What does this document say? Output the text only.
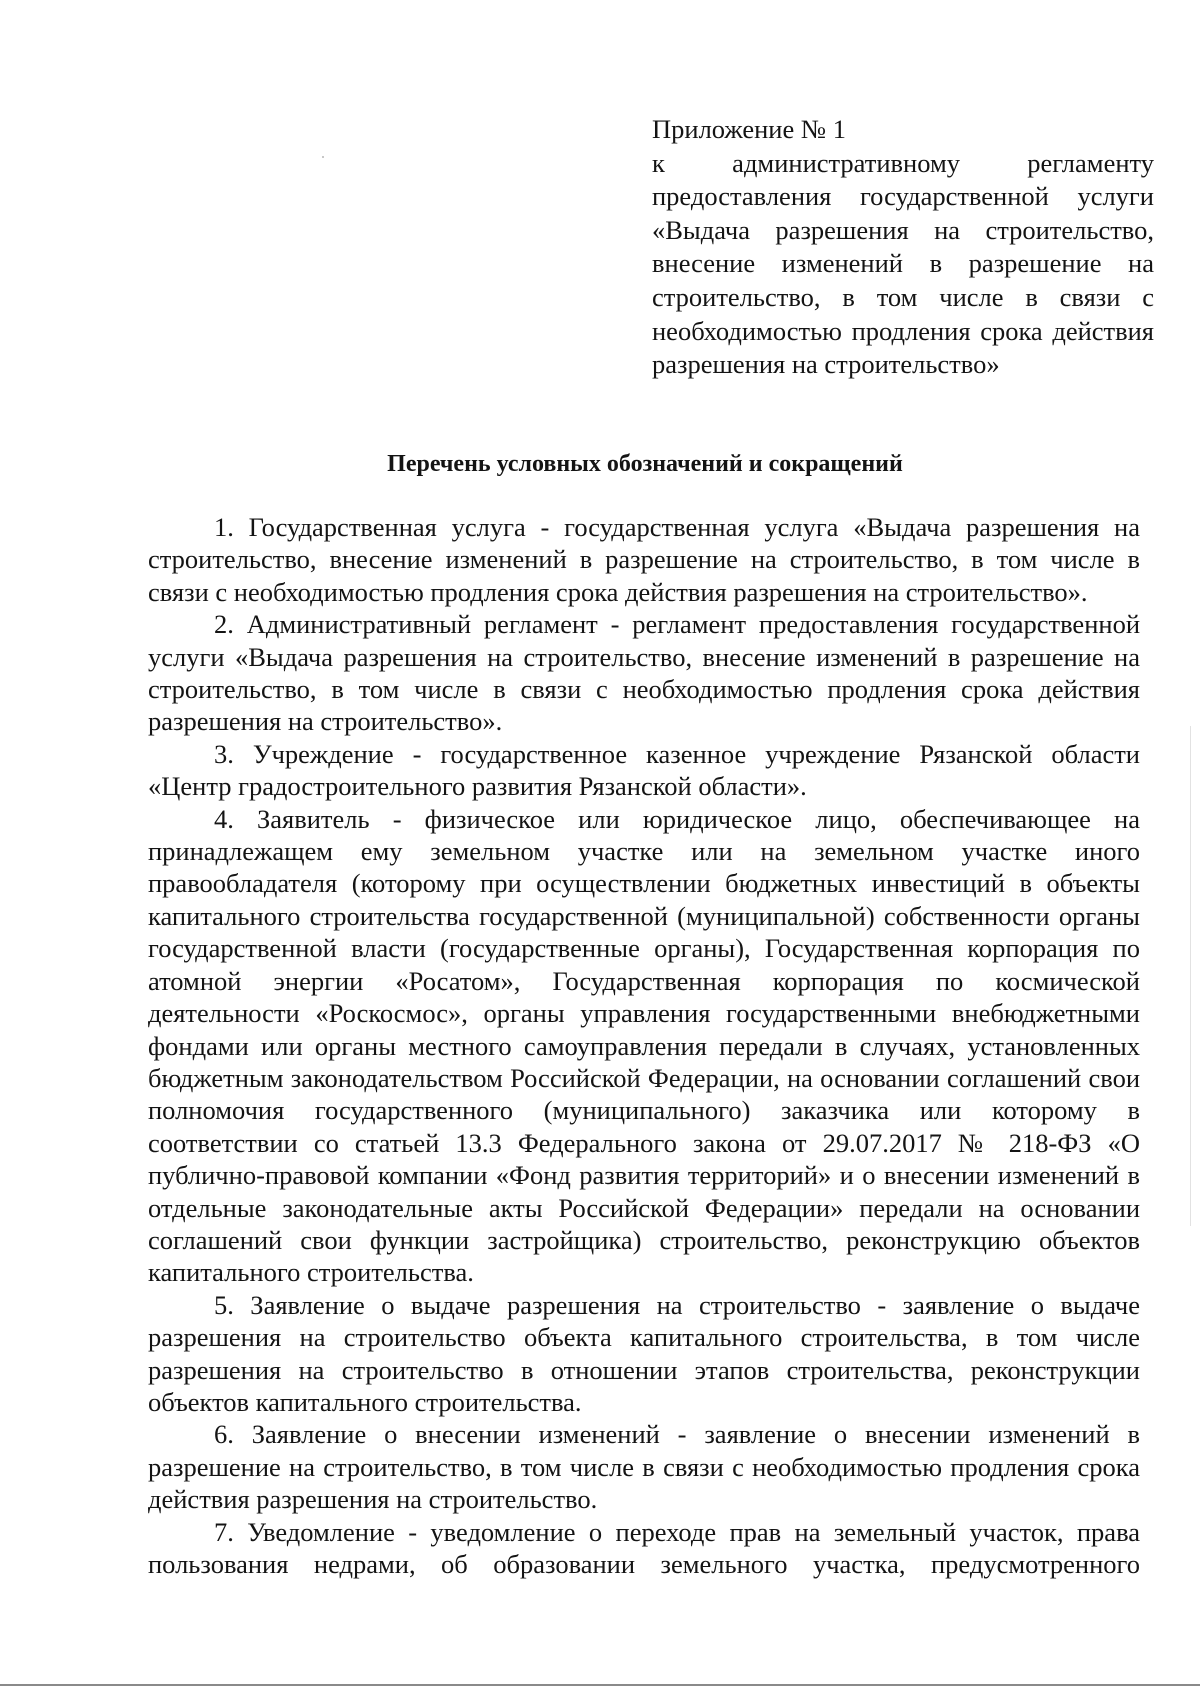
Приложение № 1
к административному регламенту предоставления государственной услуги «Выдача разрешения на строительство, внесение изменений в разрешение на строительство, в том числе в связи с необходимостью продления срока действия разрешения на строительство»
Перечень условных обозначений и сокращений

1. Государственная услуга - государственная услуга «Выдача разрешения на строительство, внесение изменений в разрешение на строительство, в том числе в связи с необходимостью продления срока действия разрешения на строительство».

2. Административный регламент - регламент предоставления государственной услуги «Выдача разрешения на строительство, внесение изменений в разрешение на строительство, в том числе в связи с необходимостью продления срока действия разрешения на строительство».

3. Учреждение - государственное казенное учреждение Рязанской области «Центр градостроительного развития Рязанской области».

4. Заявитель - физическое или юридическое лицо, обеспечивающее на принадлежащем ему земельном участке или на земельном участке иного правообладателя (которому при осуществлении бюджетных инвестиций в объекты капитального строительства государственной (муниципальной) собственности органы государственной власти (государственные органы), Государственная корпорация по атомной энергии «Росатом», Государственная корпорация по космической деятельности «Роскосмос», органы управления государственными внебюджетными фондами или органы местного самоуправления передали в случаях, установленных бюджетным законодательством Российской Федерации, на основании соглашений свои полномочия государственного (муниципального) заказчика или которому в соответствии со статьей 13.3 Федерального закона от 29.07.2017 № 218-ФЗ «О публично-правовой компании «Фонд развития территорий» и о внесении изменений в отдельные законодательные акты Российской Федерации» передали на основании соглашений свои функции застройщика) строительство, реконструкцию объектов капитального строительства.

5. Заявление о выдаче разрешения на строительство - заявление о выдаче разрешения на строительство объекта капитального строительства, в том числе разрешения на строительство в отношении этапов строительства, реконструкции объектов капитального строительства.

6. Заявление о внесении изменений - заявление о внесении изменений в разрешение на строительство, в том числе в связи с необходимостью продления срока действия разрешения на строительство.

7. Уведомление - уведомление о переходе прав на земельный участок, права пользования недрами, об образовании земельного участка, предусмотренного
